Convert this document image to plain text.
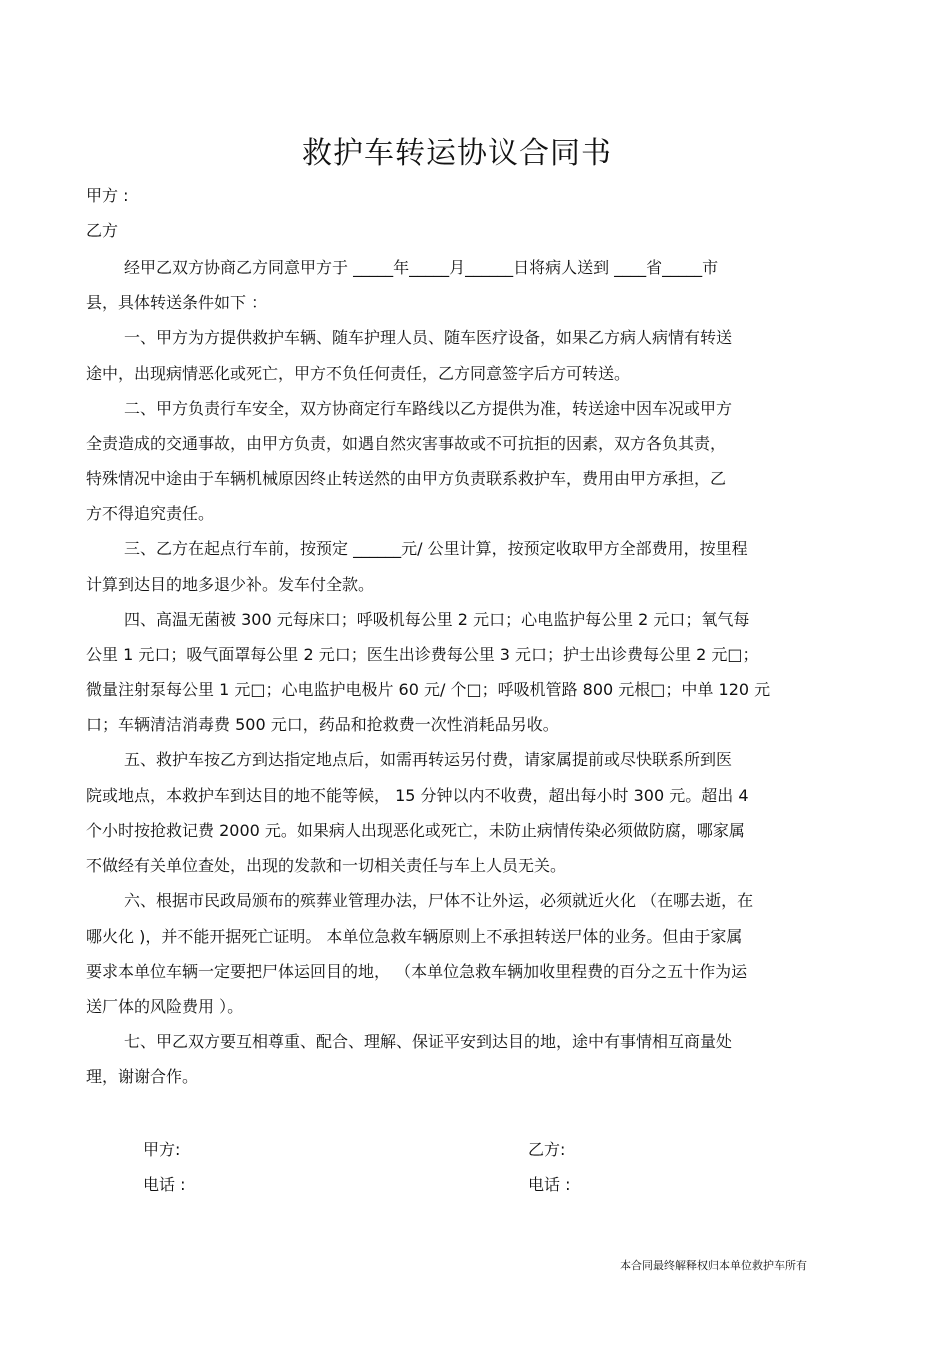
救护车转运协议合同书
甲方 :
乙方
经甲乙双方协商乙方同意甲方于 _____年_____月______日将病人送到 ____省_____市
县，具体转送条件如下 ：
一、甲方为方提供救护车辆、随车护理人员、随车医疗设备，如果乙方病人病情有转送
途中，出现病情恶化或死亡，甲方不负任何责任，乙方同意签字后方可转送。
二、甲方负责行车安全，双方协商定行车路线以乙方提供为准，转送途中因车况或甲方
全责造成的交通事故，由甲方负责，如遇自然灾害事故或不可抗拒的因素，双方各负其责，
特殊情况中途由于车辆机械原因终止转送然的由甲方负责联系救护车，费用由甲方承担，乙
方不得追究责任。
三、乙方在起点行车前，按预定 ______元/ 公里计算，按预定收取甲方全部费用，按里程
计算到达目的地多退少补。发车付全款。
四、高温无菌被 300 元每床口；呼吸机每公里 2 元口；心电监护每公里 2 元口；氧气每
公里 1 元口；吸气面罩每公里 2 元口；医生出诊费每公里 3 元口；护士出诊费每公里 2 元□；
微量注射泵每公里 1 元□；心电监护电极片 60 元/ 个□；呼吸机管路 800 元根□；中单 120 元
口；车辆清洁消毒费 500 元口，药品和抢救费一次性消耗品另收。
五、救护车按乙方到达指定地点后，如需再转运另付费，请家属提前或尽快联系所到医
院或地点，本救护车到达目的地不能等候， 15 分钟以内不收费，超出每小时 300 元。超出 4
个小时按抢救记费 2000 元。如果病人出现恶化或死亡，未防止病情传染必须做防腐，哪家属
不做经有关单位查处，出现的发款和一切相关责任与车上人员无关。
六、根据市民政局颁布的殡葬业管理办法，尸体不让外运，必须就近火化 （在哪去逝，在
哪火化 )，并不能开据死亡证明。 本单位急救车辆原则上不承担转送尸体的业务。但由于家属
要求本单位车辆一定要把尸体运回目的地， （本单位急救车辆加收里程费的百分之五十作为运
送厂体的风险费用 ）。
七、甲乙双方要互相尊重、配合、理解、保证平安到达目的地，途中有事情相互商量处
理，谢谢合作。
甲方:	乙方:
电话 :	电话 :
本合同最终解释权归本单位救护车所有
